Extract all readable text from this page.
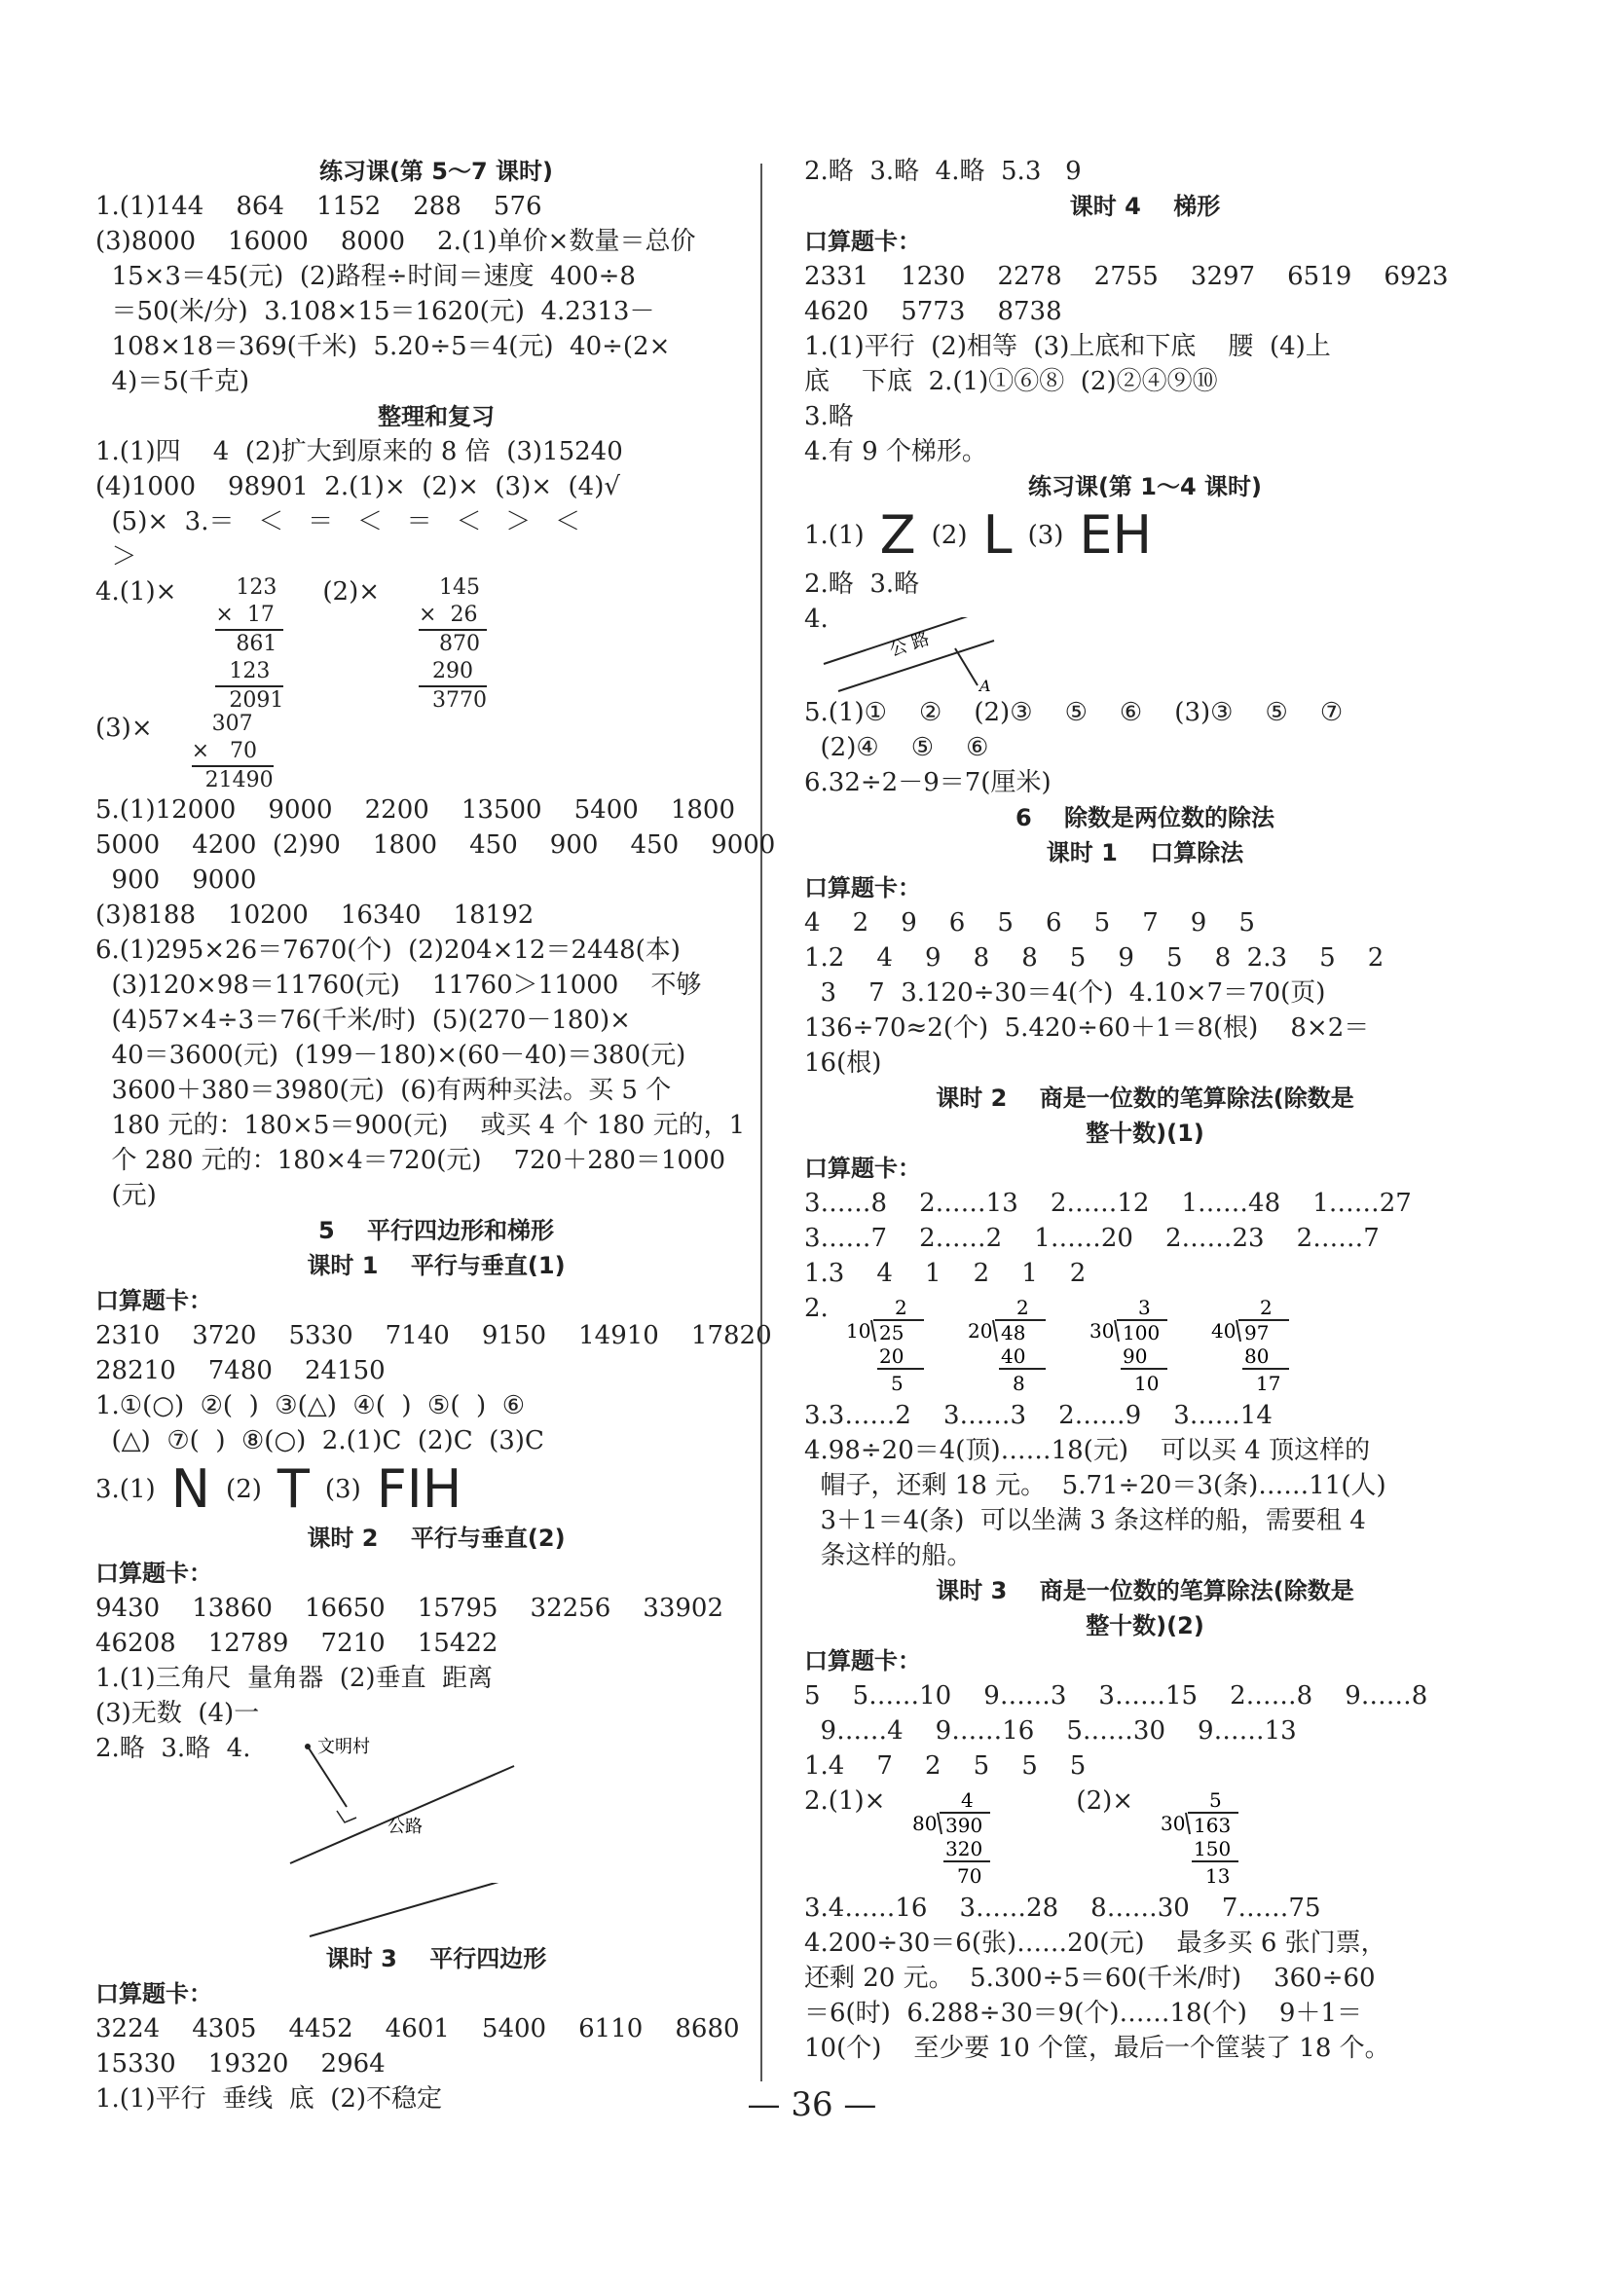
练习课(第 5～7 课时)
1.(1)144    864    1152    288    576
(3)8000    16000    8000    2.(1)单价×数量＝总价
15×3＝45(元)  (2)路程÷时间＝速度  400÷8
＝50(米/分)  3.108×15＝1620(元)  4.2313－
108×18＝369(千米)  5.20÷5＝4(元)  40÷(2×
4)＝5(千克)
整理和复习
1.(1)四    4  (2)扩大到原来的 8 倍  (3)15240
(4)1000    98901  2.(1)×  (2)×  (3)×  (4)√
(5)×  3.＝   ＜   ＝   ＜   ＝   ＜   ＞   ＜
＞
4.(1)× 123
×  17
861
123
2091
(2)× 145
×  26
870
290
3770
(3)× 307
×   70
21490
5.(1)12000    9000    2200    13500    5400    1800
5000    4200  (2)90    1800    450    900    450    9000
900    9000
(3)8188    10200    16340    18192
6.(1)295×26＝7670(个)  (2)204×12＝2448(本)
(3)120×98＝11760(元)    11760＞11000    不够
(4)57×4÷3＝76(千米/时)  (5)(270－180)×
40＝3600(元)  (199－180)×(60－40)＝380(元)
3600＋380＝3980(元)  (6)有两种买法。买 5 个
180 元的：180×5＝900(元)    或买 4 个 180 元的，1
个 280 元的：180×4＝720(元)    720＋280＝1000
(元)
5    平行四边形和梯形
课时 1    平行与垂直(1)
口算题卡：
2310    3720    5330    7140    9150    14910    17820
28210    7480    24150
1.①(○)  ②(  )  ③(△)  ④(  )  ⑤(  )  ⑥
(△)  ⑦(  )  ⑧(○)  2.(1)C  (2)C  (3)C
3.(1) N (2) T (3) FIH
课时 2    平行与垂直(2)
口算题卡：
9430    13860    16650    15795    32256    33902
46208    12789    7210    15422
1.(1)三角尺  量角器  (2)垂直  距离
(3)无数  (4)一
2.略  3.略  4.	文明村
公路
课时 3    平行四边形
口算题卡：
3224    4305    4452    4601    5400    6110    8680
15330    19320    2964
1.(1)平行  垂线  底  (2)不稳定
2.略  3.略  4.略  5.3   9
课时 4    梯形
口算题卡：
2331    1230    2278    2755    3297    6519    6923
4620    5773    8738
1.(1)平行  (2)相等  (3)上底和下底    腰  (4)上
底    下底  2.(1)①⑥⑧  (2)②④⑨⑩
3.略
4.有 9 个梯形。
练习课(第 1～4 课时)
1.(1) Z (2) L (3) EH
2.略  3.略
4.
公 路
A
5.(1)①    ②    (2)③    ⑤    ⑥    (3)③    ⑤    ⑦
(2)④    ⑤    ⑥
6.32÷2－9＝7(厘米)
6    除数是两位数的除法
课时 1    口算除法
口算题卡：
4    2    9    6    5    6    5    7    9    5
1.2    4    9    8    8    5    9    5    8  2.3    5    2
3    7  3.120÷30＝4(个)  4.10×7＝70(页)
136÷70≈2(个)  5.420÷60＋1＝8(根)    8×2＝
16(根)
课时 2    商是一位数的笔算除法(除数是
整十数)(1)
口算题卡：
3……8    2……13    2……12    1……48    1……27
3……7    2……2    1……20    2……23    2……7
1.3    4    1    2    1    2
2.
10
2
25
20
5
20
2
48
40
8
30
3
100
90
10
40
2
97
80
17
3.3……2    3……3    2……9    3……14
4.98÷20＝4(顶)……18(元)    可以买 4 顶这样的
帽子，还剩 18 元。  5.71÷20＝3(条)……11(人)
3＋1＝4(条)  可以坐满 3 条这样的船，需要租 4
条这样的船。
课时 3    商是一位数的笔算除法(除数是
整十数)(2)
口算题卡：
5    5……10    9……3    3……15    2……8    9……8
9……4    9……16    5……30    9……13
1.4    7    2    5    5    5
2.(1)×
80
4
390
320
70
(2)×
30
5
163
150
13
3.4……16    3……28    8……30    7……75
4.200÷30＝6(张)……20(元)    最多买 6 张门票，
还剩 20 元。  5.300÷5＝60(千米/时)    360÷60
＝6(时)  6.288÷30＝9(个)……18(个)    9＋1＝
10(个)    至少要 10 个筐，最后一个筐装了 18 个。
— 36 —
